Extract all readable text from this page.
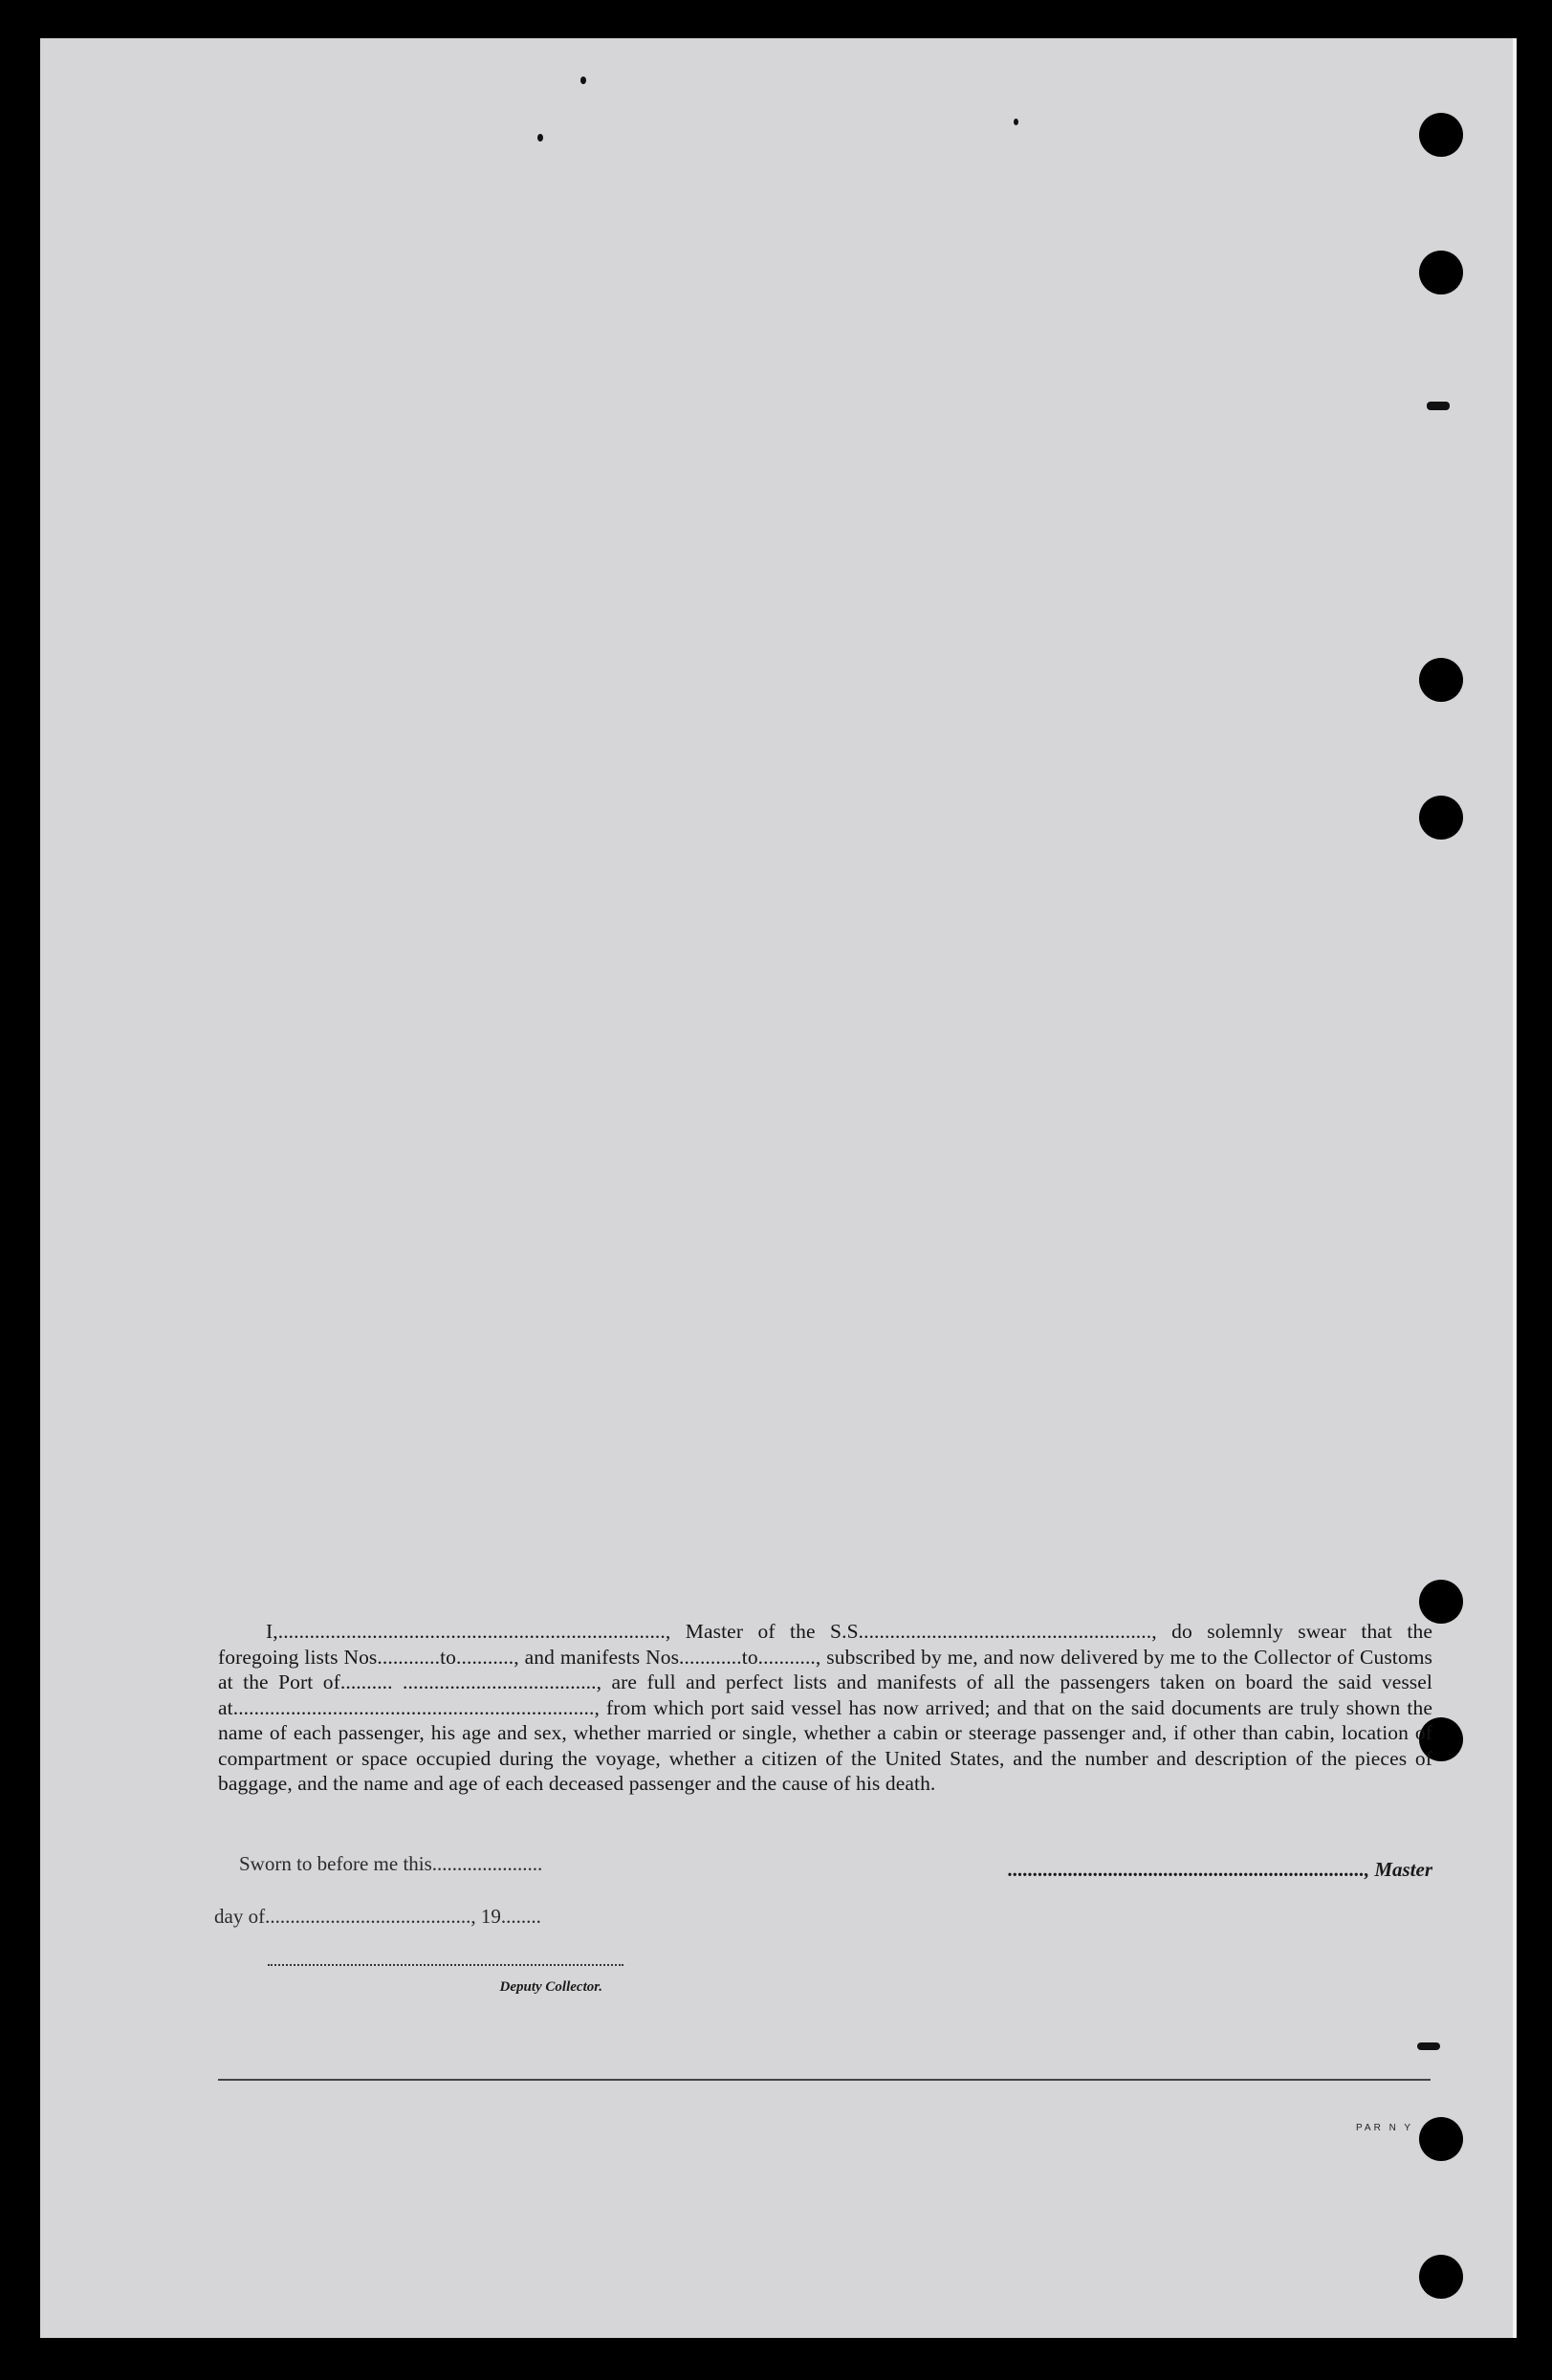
I,.........................................................................., Master of the S.S........................................................, do solemnly swear that the foregoing lists Nos............to..........., and manifests Nos............to..........., subscribed by me, and now delivered by me to the Collector of Customs at the Port of.......... ....................................., are full and perfect lists and manifests of all the passengers taken on board the said vessel at....................................................................., from which port said vessel has now arrived; and that on the said documents are truly shown the name of each passenger, his age and sex, whether married or single, whether a cabin or steerage passenger and, if other than cabin, location of compartment or space occupied during the voyage, whether a citizen of the United States, and the number and description of the pieces of baggage, and the name and age of each deceased passenger and the cause of his death.

Sworn to before me this......................	......................................................................., Master
day of........................................., 19........
Deputy Collector.
PAR N Y
